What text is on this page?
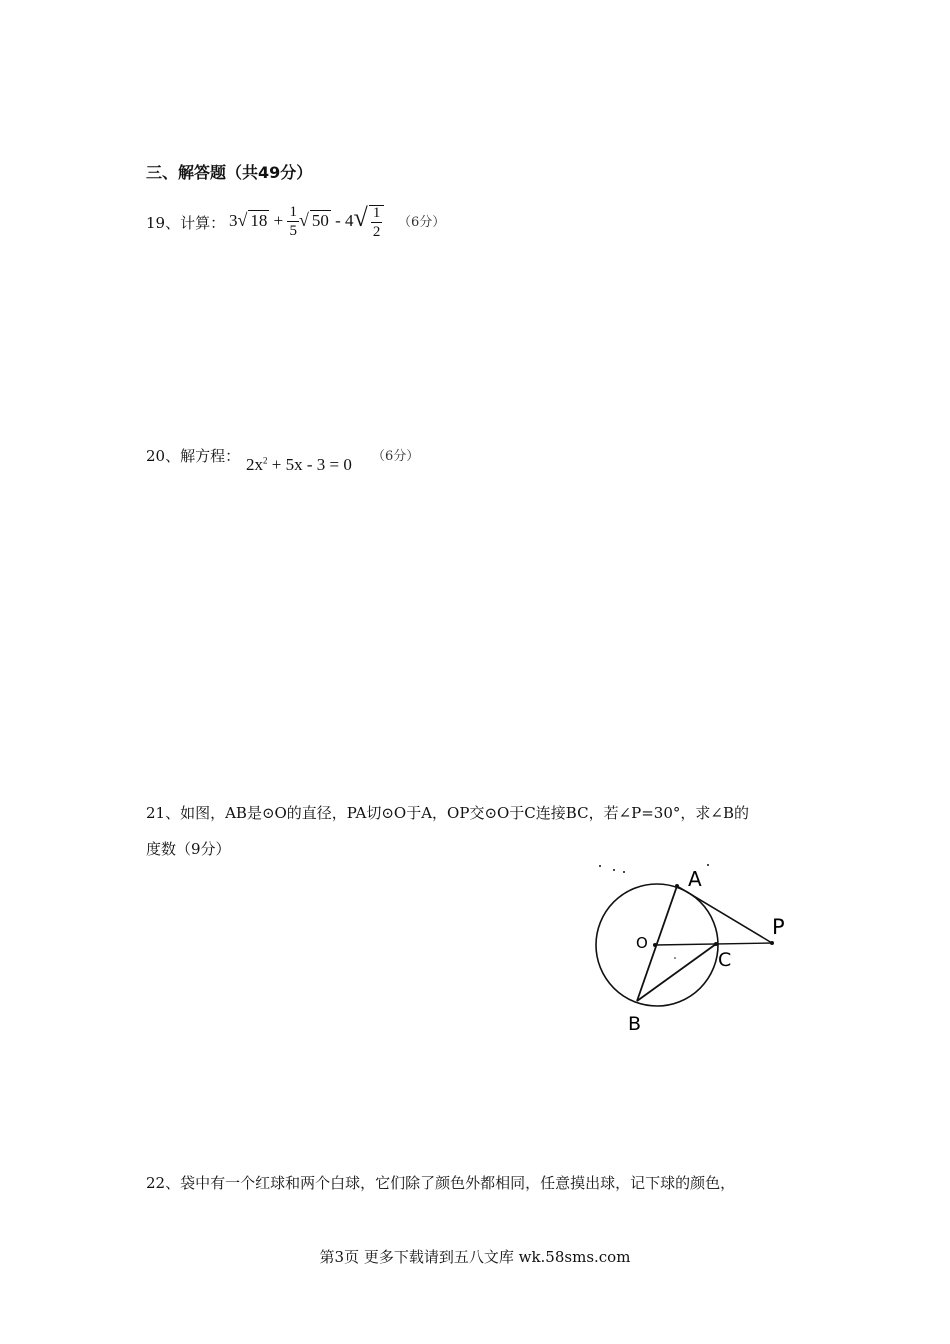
三、解答题（共49分）
19、计算： 3√ $18 + \frac{1}{5}$ √ $50 - 4√ \frac{1}{2} (6$分）
20、解方程： $2x^2 + 5x - 3 = 0$ （6分）
21、如图，AB是⊙O的直径，PA切⊙O于A，OP交⊙O于C连接BC，若∠P=30°，求∠B的
度数（9分）
A
O
C
B
P
22、袋中有一个红球和两个白球，它们除了颜色外都相同，任意摸出球，记下球的颜色，
第3页 更多下载请到五八文库 wk.58sms.com
